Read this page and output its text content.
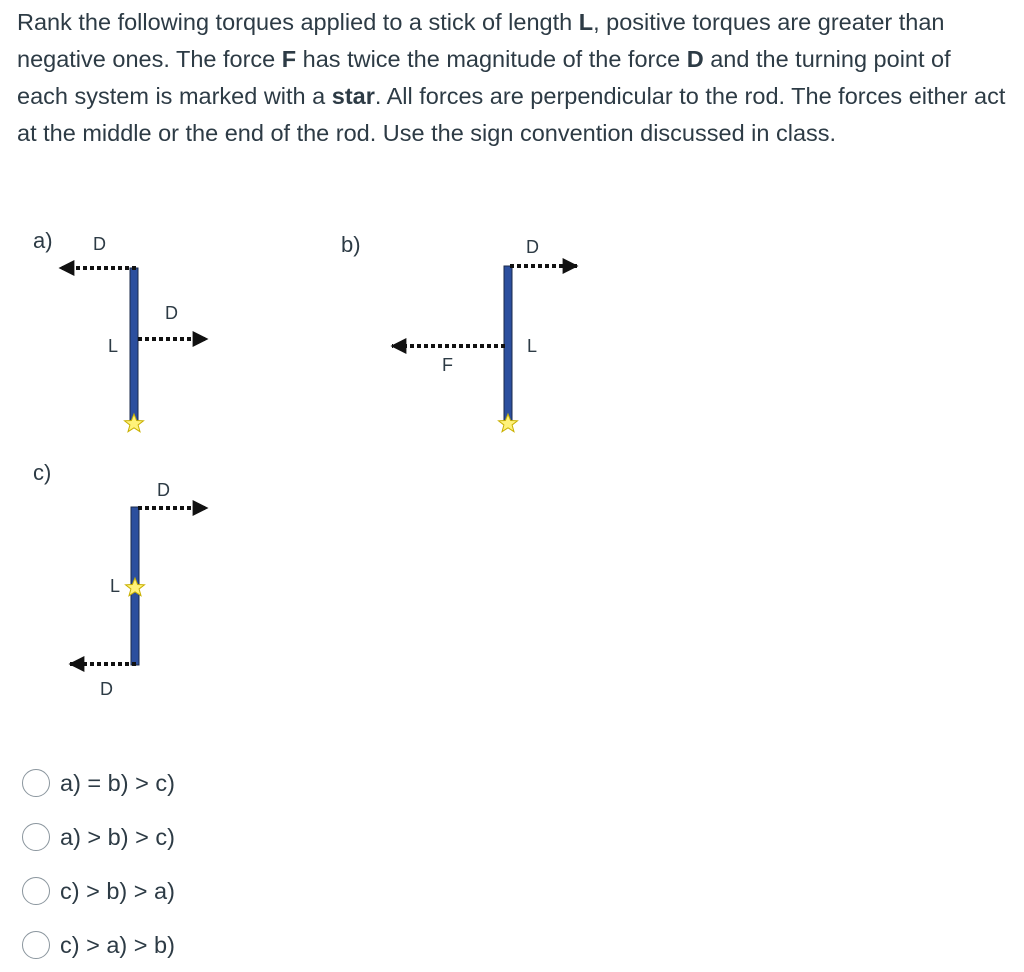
Rank the following torques applied to a stick of length L, positive torques are greater than negative ones. The force F has twice the magnitude of the force D and the turning point of each system is marked with a star. All forces are perpendicular to the rod. The forces either act at the middle or the end of the rod. Use the sign convention discussed in class.

a) D
D
L
b)	D
F
L
c)
D
D
L
a) = b) > c)
a) > b) > c)
c) > b) > a)
c) > a) > b)
